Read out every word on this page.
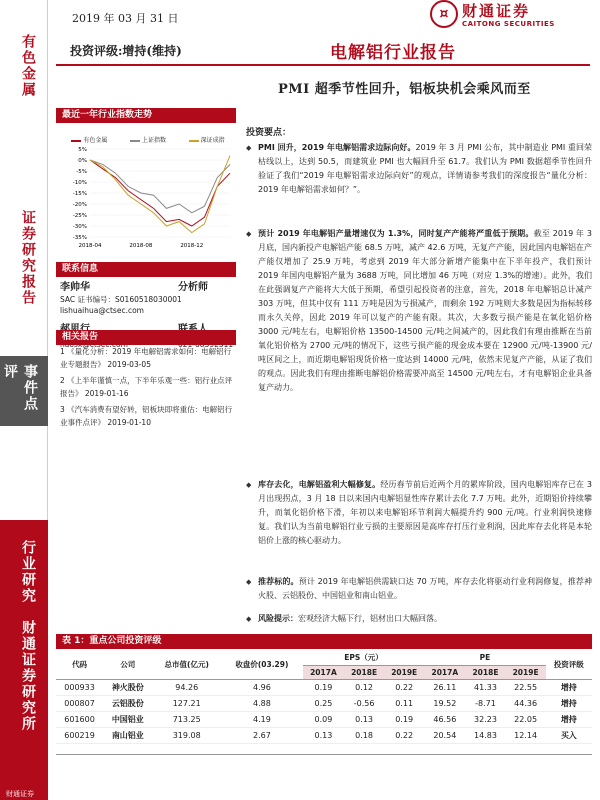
有色金属
证券研究报告
事件点评
行业研究
财通证券研究所
2019 年 03 月 31 日	¤ 财通证券
CAITONG SECURITIES
投资评级:增持(维持)	电解铝行业报告
PMI 超季节性回升，铝板块机会乘风而至
最近一年行业指数走势
有色金属	上证指数	深证成指
5%
0%
-5%
-10%
-15%
-20%
-25%
-30%
-35%
2018-04	2018-08	2018-12
联系信息
李帅华	分析师
SAC 证书编号：S0160518030001
lishuaihua@ctsec.com
相关报告
1 《量化分析：2019 年电解铝需求如何：电解铝行业专题报告》 2019-03-05
2 《上半年谨慎一点，下半年乐观一些：铝行业点评报告》 2019-01-16
3 《汽车消费有望好转，铝板块即将重估：电解铝行业事件点评》 2019-01-10
投资要点：
◆ PMI 回升，2019 年电解铝需求边际向好。2019 年 3 月 PMI 公布，其中制造业 PMI 重回荣枯线以上，达到 50.5，而建筑业 PMI 也大幅回升至 61.7。我们认为 PMI 数据超季节性回升验证了我们“2019 年电解铝需求边际向好”的观点，详情请参考我们的深度报告“量化分析：2019 年电解铝需求如何？”。
◆ 预计 2019 年电解铝产量增速仅为 1.3%，同时复产产能将严重低于预期。截至 2019 年 3 月底，国内新投产电解铝产能 68.5 万吨，减产 42.6 万吨，无复产产能，因此国内电解铝在产产能仅增加了 25.9 万吨，考虑到 2019 年大部分新增产能集中在下半年投产，我们预计 2019 年国内电解铝产量为 3688 万吨，同比增加 46 万吨（对应 1.3%的增速）。此外，我们在此强调复产产能将大大低于预期，希望引起投资者的注意，首先，2018 年电解铝总计减产 303 万吨，但其中仅有 111 万吨是因为亏损减产，而剩余 192 万吨则大多数是因为指标转移而永久关停，因此 2019 年可以复产的产能有限。其次，大多数亏损产能是在氧化铝价格 3000 元/吨左右，电解铝价格 13500-14500 元/吨之间减产的，因此我们有理由推断在当前氧化铝价格为 2700 元/吨的情况下，这些亏损产能的现金成本要在 12900 元/吨-13900 元/吨区间之上，而近期电解铝现货价格一度达到 14000 元/吨，依然未见复产产能，从证了我们的观点。因此我们有理由推断电解铝价格需要冲高至 14500 元/吨左右，才有电解铝企业具备复产动力。
◆ 库存去化，电解铝盈利大幅修复。经历春节前后近两个月的累库阶段，国内电解铝库存已在 3 月出现拐点，3 月 18 日以来国内电解铝显性库存累计去化 7.7 万吨。此外，近期铝价持续攀升，而氧化铝价格下滑，年初以来电解铝环节利润大幅提升约 900 元/吨。行业利润快速修复。我们认为当前电解铝行业亏损的主要原因是高库存打压行业利润，因此库存去化将是本轮铝价上涨的核心驱动力。
◆ 推荐标的。预计 2019 年电解铝供需缺口达 70 万吨，库存去化将驱动行业利润修复，推荐神火股、云铝股份、中国铝业和南山铝业。
◆ 风险提示：宏观经济大幅下行，铝材出口大幅回落。
表 1：重点公司投资评级
代码	公司	总市值(亿元)	收盘价(03.29)	EPS（元）			PE			投资评级
				2017A	2018E	2019E	2017A	2018E	2019E	
000933	神火股份	94.26	4.96	0.19	0.12	0.22	26.11	41.33	22.55	增持
000807	云铝股份	127.21	4.88	0.25	-0.56	0.11	19.52	-8.71	44.36	增持
601600	中国铝业	713.25	4.19	0.09	0.13	0.19	46.56	32.23	22.05	增持
600219	南山铝业	319.08	2.67	0.13	0.18	0.22	20.54	14.83	12.14	买入
财通证券
